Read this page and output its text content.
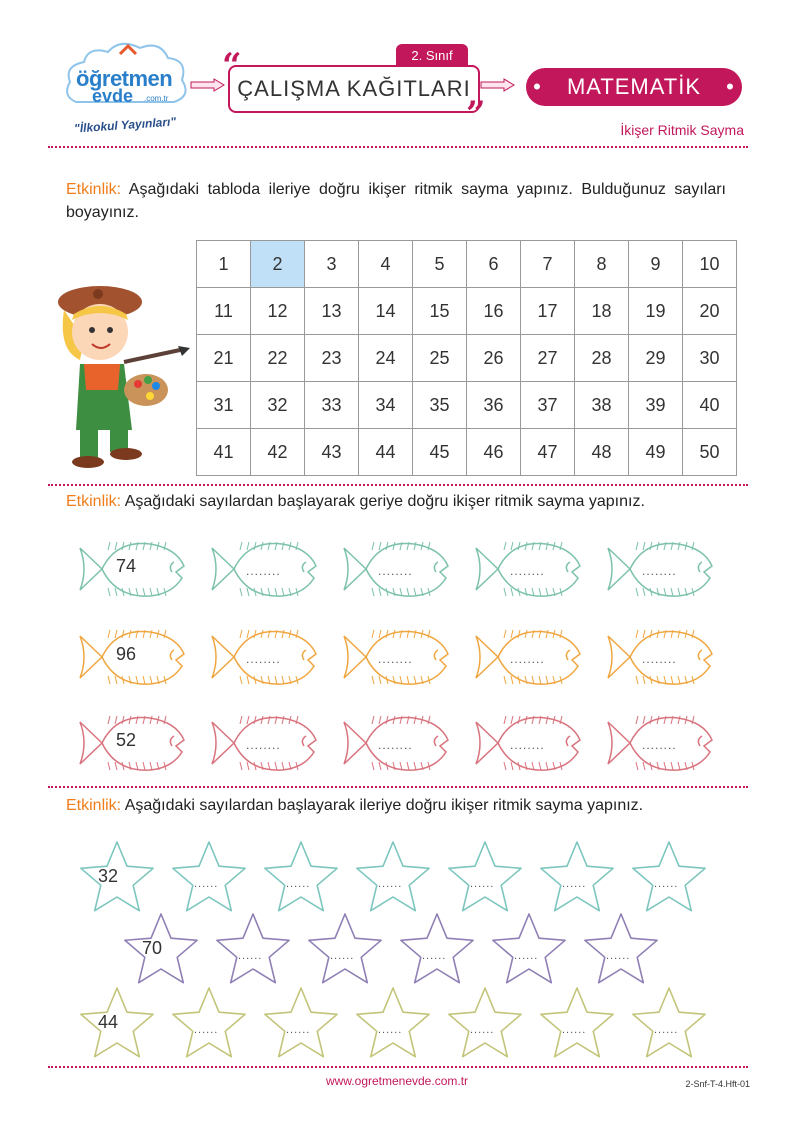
öğretmen
evde .com.tr
"İlkokul Yayınları"
2. Sınıf
ÇALIŞMA KAĞITLARI
“
”
• MATEMATİK •
İkişer Ritmik Sayma
Etkinlik: Aşağıdaki tabloda ileriye doğru ikişer ritmik sayma yapınız. Bulduğunuz sayıları boyayınız.
1	2	3	4	5	6	7	8	9	10
11	12	13	14	15	16	17	18	19	20
21	22	23	24	25	26	27	28	29	30
31	32	33	34	35	36	37	38	39	40
41	42	43	44	45	46	47	48	49	50
Etkinlik: Aşağıdaki sayılardan başlayarak geriye doğru ikişer ritmik sayma yapınız.
74	........	........	........	........
96	........	........	........	........
52	........	........	........	........
Etkinlik: Aşağıdaki sayılardan başlayarak ileriye doğru ikişer ritmik sayma yapınız.
32	......	......	......	......	......	......
70	......	......	......	......	......
44	......	......	......	......	......	......
www.ogretmenevde.com.tr	2-Snf-T-4.Hft-01
